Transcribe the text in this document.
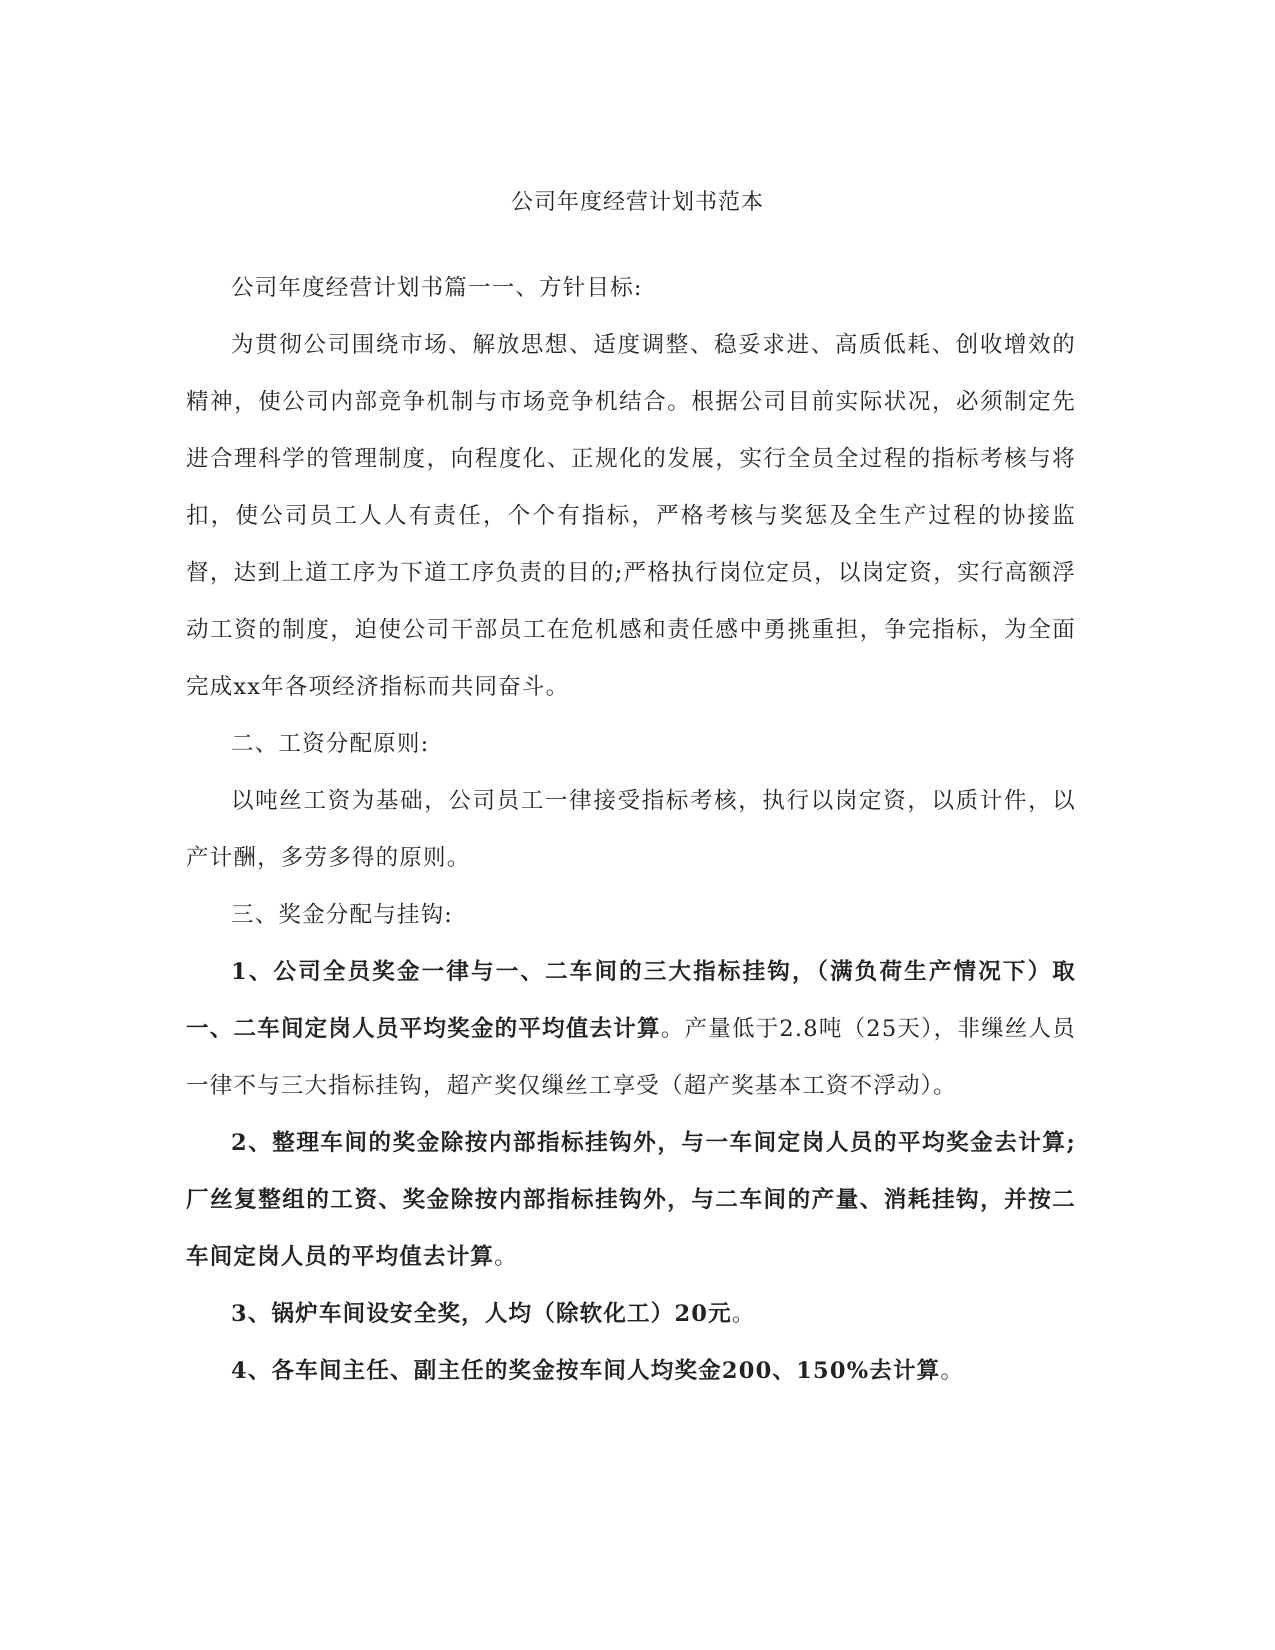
公司年度经营计划书范本

公司年度经营计划书篇一一、方针目标:

为贯彻公司围绕市场、解放思想、适度调整、稳妥求进、高质低耗、创收增效的精神，使公司内部竞争机制与市场竞争机结合。根据公司目前实际状况，必须制定先进合理科学的管理制度，向程度化、正规化的发展，实行全员全过程的指标考核与将扣，使公司员工人人有责任，个个有指标，严格考核与奖惩及全生产过程的协接监督，达到上道工序为下道工序负责的目的;严格执行岗位定员，以岗定资，实行高额浮动工资的制度，迫使公司干部员工在危机感和责任感中勇挑重担，争完指标，为全面完成xx年各项经济指标而共同奋斗。

二、工资分配原则:

以吨丝工资为基础，公司员工一律接受指标考核，执行以岗定资，以质计件，以产计酬，多劳多得的原则。

三、奖金分配与挂钩:

1、公司全员奖金一律与一、二车间的三大指标挂钩，（满负荷生产情况下）取一、二车间定岗人员平均奖金的平均值去计算。产量低于2.8吨（25天），非缫丝人员一律不与三大指标挂钩，超产奖仅缫丝工享受（超产奖基本工资不浮动）。

2、整理车间的奖金除按内部指标挂钩外，与一车间定岗人员的平均奖金去计算;厂丝复整组的工资、奖金除按内部指标挂钩外，与二车间的产量、消耗挂钩，并按二车间定岗人员的平均值去计算。

3、锅炉车间设安全奖，人均（除软化工）20元。

4、各车间主任、副主任的奖金按车间人均奖金200、150%去计算。
